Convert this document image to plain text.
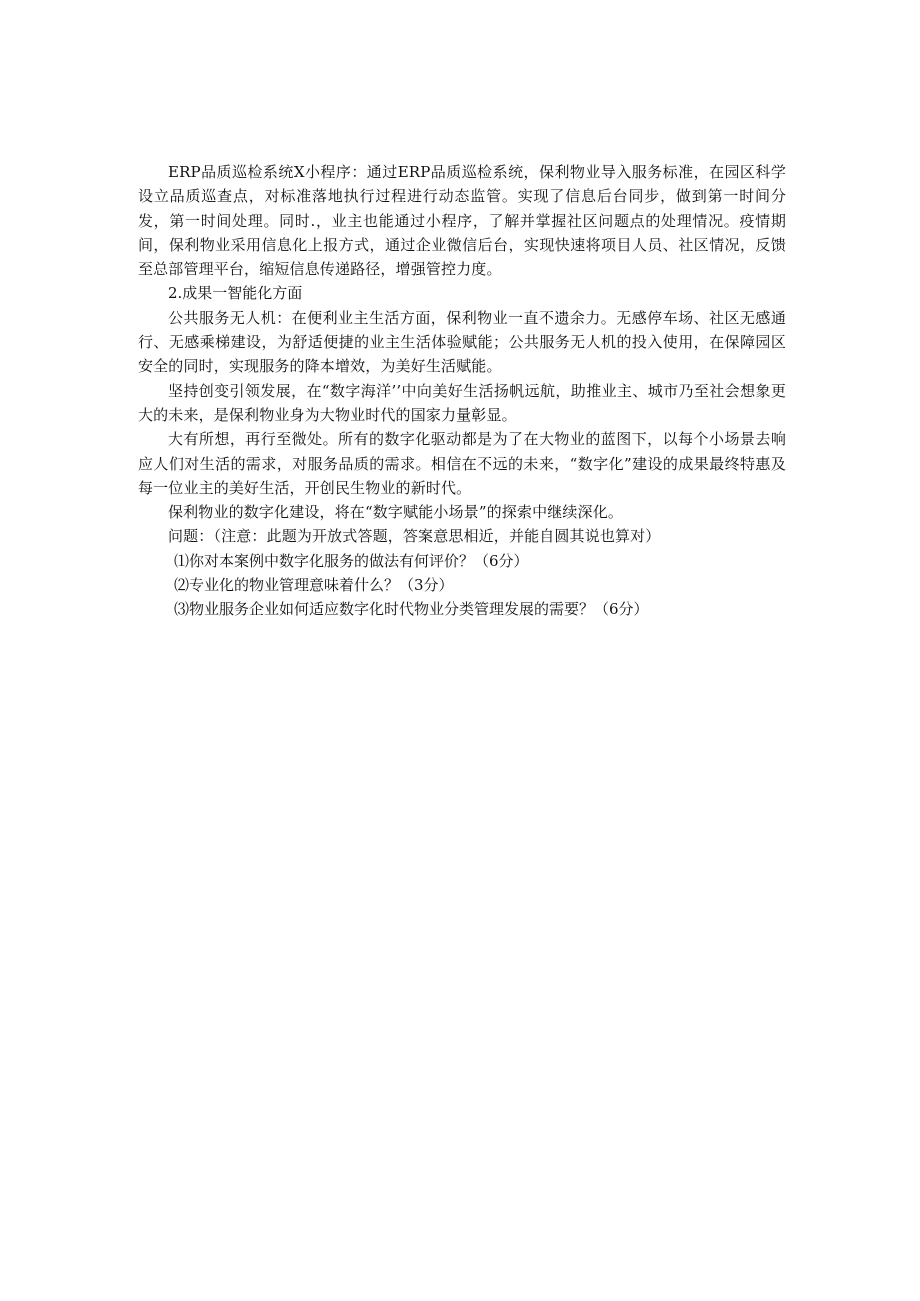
ERP品质巡检系统X小程序：通过ERP品质巡检系统，保利物业导入服务标准，在园区科学设立品质巡查点，对标准落地执行过程进行动态监管。实现了信息后台同步，做到第一时间分发，第一时间处理。同时.，业主也能通过小程序，了解并掌握社区问题点的处理情况。疫情期间，保利物业采用信息化上报方式，通过企业微信后台，实现快速将项目人员、社区情况，反馈至总部管理平台，缩短信息传递路径，增强管控力度。

2.成果一智能化方面

公共服务无人机：在便利业主生活方面，保利物业一直不遗余力。无感停车场、社区无感通行、无感乘梯建设，为舒适便捷的业主生活体验赋能；公共服务无人机的投入使用，在保障园区安全的同时，实现服务的降本增效，为美好生活赋能。

坚持创变引领发展，在“数字海洋’’中向美好生活扬帆远航，助推业主、城市乃至社会想象更大的未来，是保利物业身为大物业时代的国家力量彰显。

大有所想，再行至微处。所有的数字化驱动都是为了在大物业的蓝图下，以每个小场景去响应人们对生活的需求，对服务品质的需求。相信在不远的未来，“数字化”建设的成果最终特惠及每一位业主的美好生活，开创民生物业的新时代。

保利物业的数字化建设，将在“数字赋能小场景”的探索中继续深化。

问题：（注意：此题为开放式答题，答案意思相近，并能自圆其说也算对）

⑴你对本案例中数字化服务的做法有何评价？（6分）

⑵专业化的物业管理意味着什么？（3分）

⑶物业服务企业如何适应数字化时代物业分类管理发展的需要？（6分）
